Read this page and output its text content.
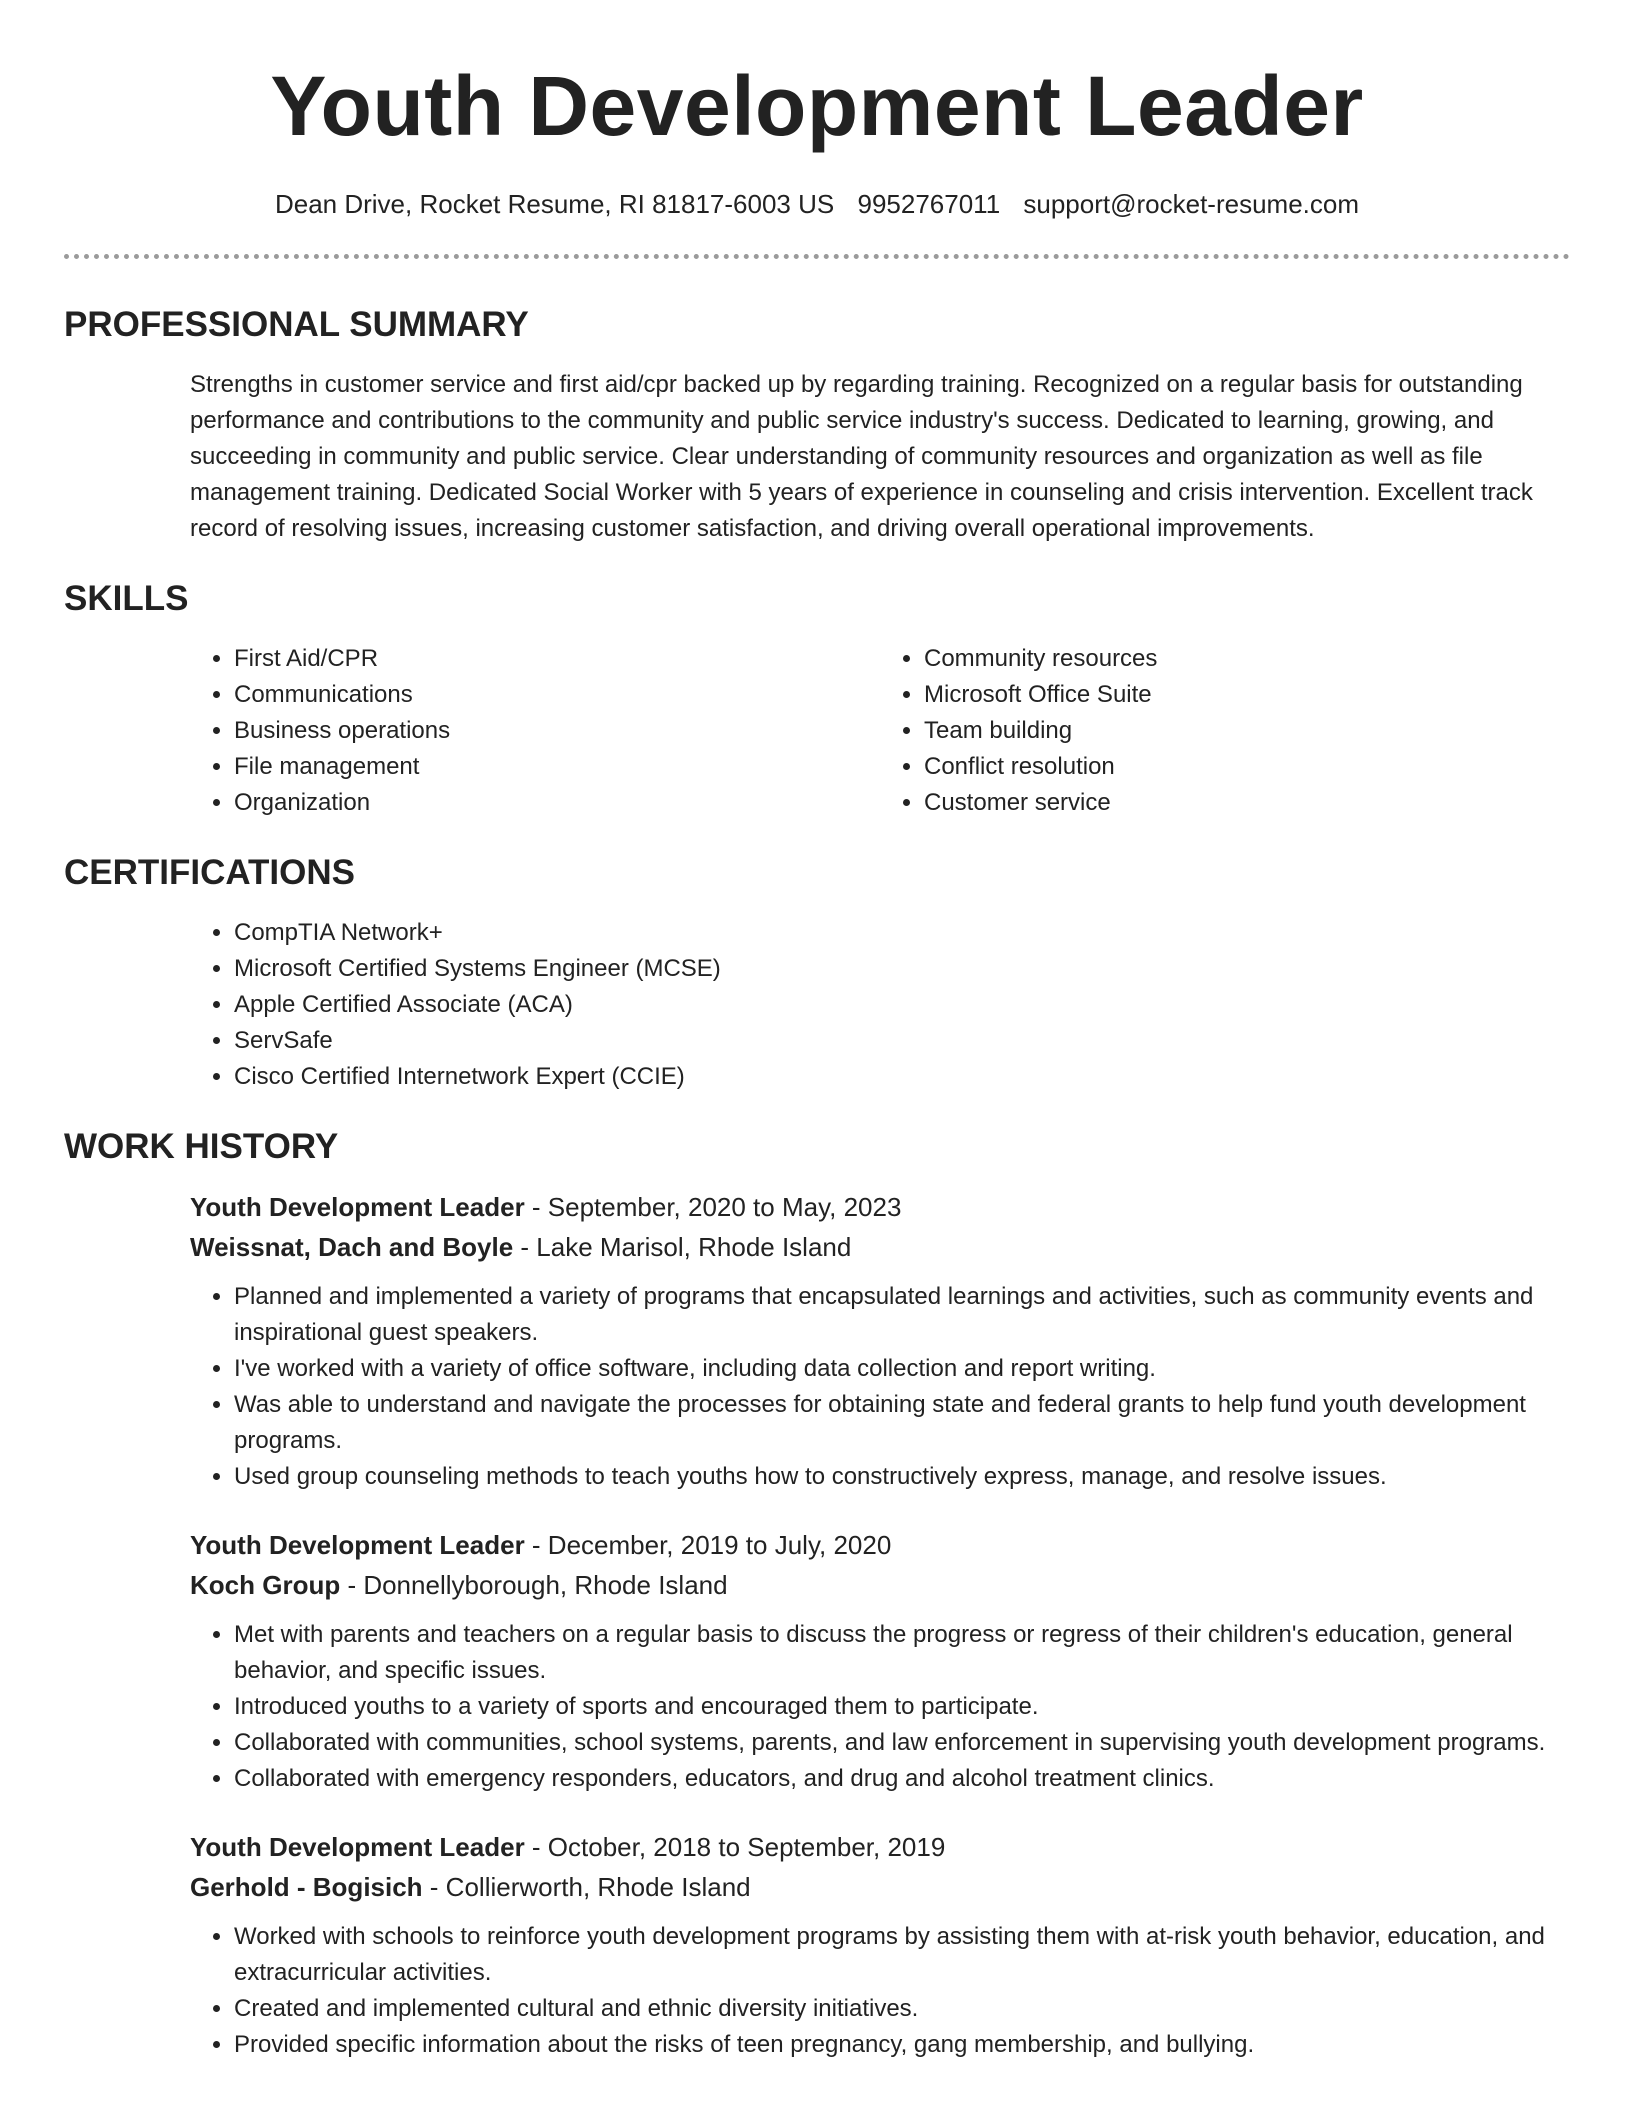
Youth Development Leader
Dean Drive, Rocket Resume, RI 81817-6003 US 9952767011 support@rocket-resume.com
PROFESSIONAL SUMMARY

Strengths in customer service and first aid/cpr backed up by regarding training. Recognized on a regular basis for outstanding performance and contributions to the community and public service industry's success. Dedicated to learning, growing, and succeeding in community and public service. Clear understanding of community resources and organization as well as file management training. Dedicated Social Worker with 5 years of experience in counseling and crisis intervention. Excellent track record of resolving issues, increasing customer satisfaction, and driving overall operational improvements.

SKILLS
• First Aid/CPR
• Communications
• Business operations
• File management
• Organization
• Community resources
• Microsoft Office Suite
• Team building
• Conflict resolution
• Customer service
CERTIFICATIONS
• CompTIA Network+
• Microsoft Certified Systems Engineer (MCSE)
• Apple Certified Associate (ACA)
• ServSafe
• Cisco Certified Internetwork Expert (CCIE)
WORK HISTORY

Youth Development Leader - September, 2020 to May, 2023

Weissnat, Dach and Boyle - Lake Marisol, Rhode Island

• Planned and implemented a variety of programs that encapsulated learnings and activities, such as community events and inspirational guest speakers.
• I've worked with a variety of office software, including data collection and report writing.
• Was able to understand and navigate the processes for obtaining state and federal grants to help fund youth development programs.
• Used group counseling methods to teach youths how to constructively express, manage, and resolve issues.

Youth Development Leader - December, 2019 to July, 2020

Koch Group - Donnellyborough, Rhode Island

• Met with parents and teachers on a regular basis to discuss the progress or regress of their children's education, general behavior, and specific issues.
• Introduced youths to a variety of sports and encouraged them to participate.
• Collaborated with communities, school systems, parents, and law enforcement in supervising youth development programs.
• Collaborated with emergency responders, educators, and drug and alcohol treatment clinics.

Youth Development Leader - October, 2018 to September, 2019

Gerhold - Bogisich - Collierworth, Rhode Island

• Worked with schools to reinforce youth development programs by assisting them with at-risk youth behavior, education, and extracurricular activities.
• Created and implemented cultural and ethnic diversity initiatives.
• Provided specific information about the risks of teen pregnancy, gang membership, and bullying.
